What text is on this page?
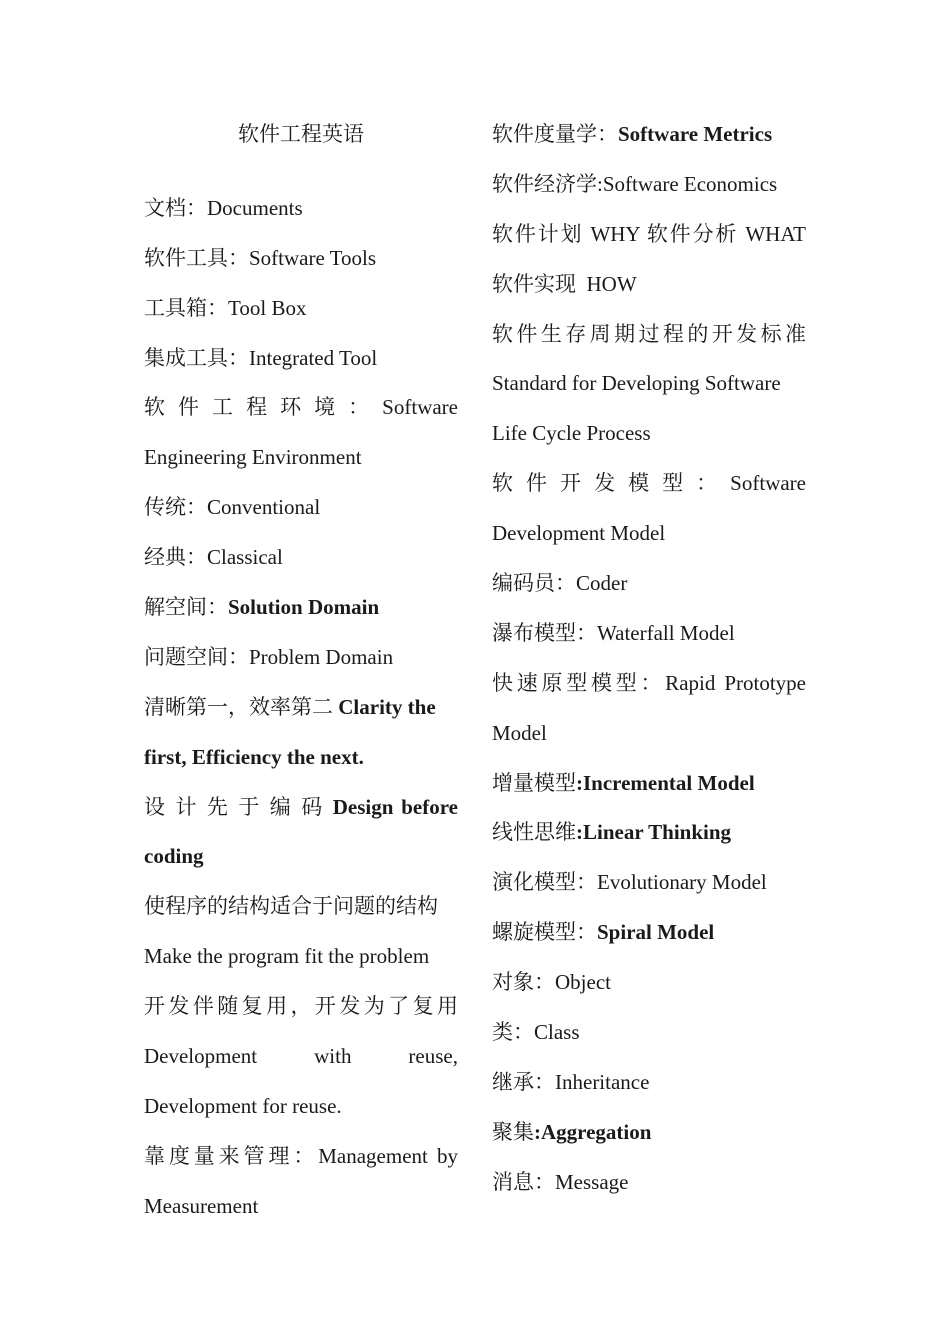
软件工程英语
文档：Documents
软件工具：Software Tools
工具箱：Tool Box
集成工具：Integrated Tool
软 件 工 程 环 境 ： Software
Engineering Environment
传统：Conventional
经典：Classical
解空间：Solution Domain
问题空间：Problem Domain
清晰第一，效率第二 Clarity the
first, Efficiency the next.
设 计 先 于 编 码 Design before
coding
使程序的结构适合于问题的结构
Make the program fit the problem
开发伴随复用，开发为了复用
Development with reuse,
Development for reuse.
靠度量来管理：Management by
Measurement
软件度量学：Software Metrics
软件经济学:Software Economics
软件计划 WHY 软件分析 WHAT
软件实现  HOW
软件生存周期过程的开发标准
Standard for Developing Software
Life Cycle Process
软 件 开 发 模 型 ： Software
Development Model
编码员：Coder
瀑布模型：Waterfall Model
快速原型模型：Rapid Prototype
Model
增量模型:Incremental Model
线性思维:Linear Thinking
演化模型：Evolutionary Model
螺旋模型：Spiral Model
对象：Object
类：Class
继承：Inheritance
聚集:Aggregation
消息：Message
